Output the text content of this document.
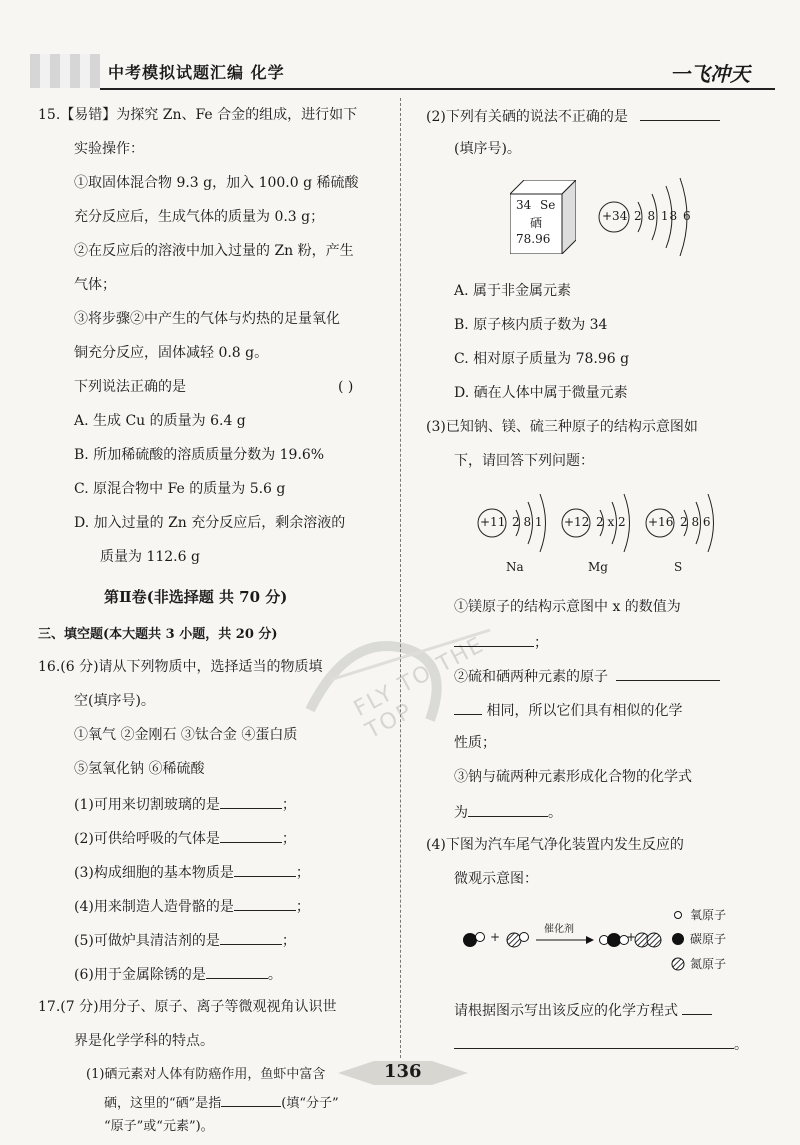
中考模拟试题汇编 化学	一飞冲天
FLY TO THE TOP
15.【易错】为探究 Zn、Fe 合金的组成，进行如下
实验操作：
①取固体混合物 9.3 g，加入 100.0 g 稀硫酸
充分反应后，生成气体的质量为 0.3 g；
②在反应后的溶液中加入过量的 Zn 粉，产生
气体；
③将步骤②中产生的气体与灼热的足量氧化
铜充分反应，固体减轻 0.8 g。
下列说法正确的是	( )
A. 生成 Cu 的质量为 6.4 g
B. 所加稀硫酸的溶质质量分数为 19.6%
C. 原混合物中 Fe 的质量为 5.6 g
D. 加入过量的 Zn 充分反应后，剩余溶液的
质量为 112.6 g
第Ⅱ卷(非选择题 共 70 分)
三、填空题(本大题共 3 小题，共 20 分)
16.(6 分)请从下列物质中，选择适当的物质填
空(填序号)。
①氧气 ②金刚石 ③钛合金 ④蛋白质
⑤氢氧化钠 ⑥稀硫酸
(1)可用来切割玻璃的是	；
(2)可供给呼吸的气体是	；
(3)构成细胞的基本物质是	；
(4)用来制造人造骨骼的是	；
(5)可做炉具清洁剂的是	；
(6)用于金属除锈的是	。
17.(7 分)用分子、原子、离子等微观视角认识世
界是化学学科的特点。
(1)硒元素对人体有防癌作用，鱼虾中富含
硒，这里的“硒”是指	(填“分子”
“原子”或“元素”)。
(2)下列有关硒的说法不正确的是
(填序号)。
34 Se
硒
78.96
+34 2 8 18 6
A. 属于非金属元素
B. 原子核内质子数为 34
C. 相对原子质量为 78.96 g
D. 硒在人体中属于微量元素
(3)已知钠、镁、硫三种原子的结构示意图如
下，请回答下列问题：
+11 2 8 1
Na
+12 2 x 2
Mg
+16 2 8 6
S
①镁原子的结构示意图中 x 的数值为
；
②硫和硒两种元素的原子
相同，所以它们具有相似的化学
性质；
③钠与硫两种元素形成化合物的化学式
为	。
(4)下图为汽车尾气净化装置内发生反应的
微观示意图：
+
催化剂
+
氧原子
碳原子
氮原子
请根据图示写出该反应的化学方程式
。
136
